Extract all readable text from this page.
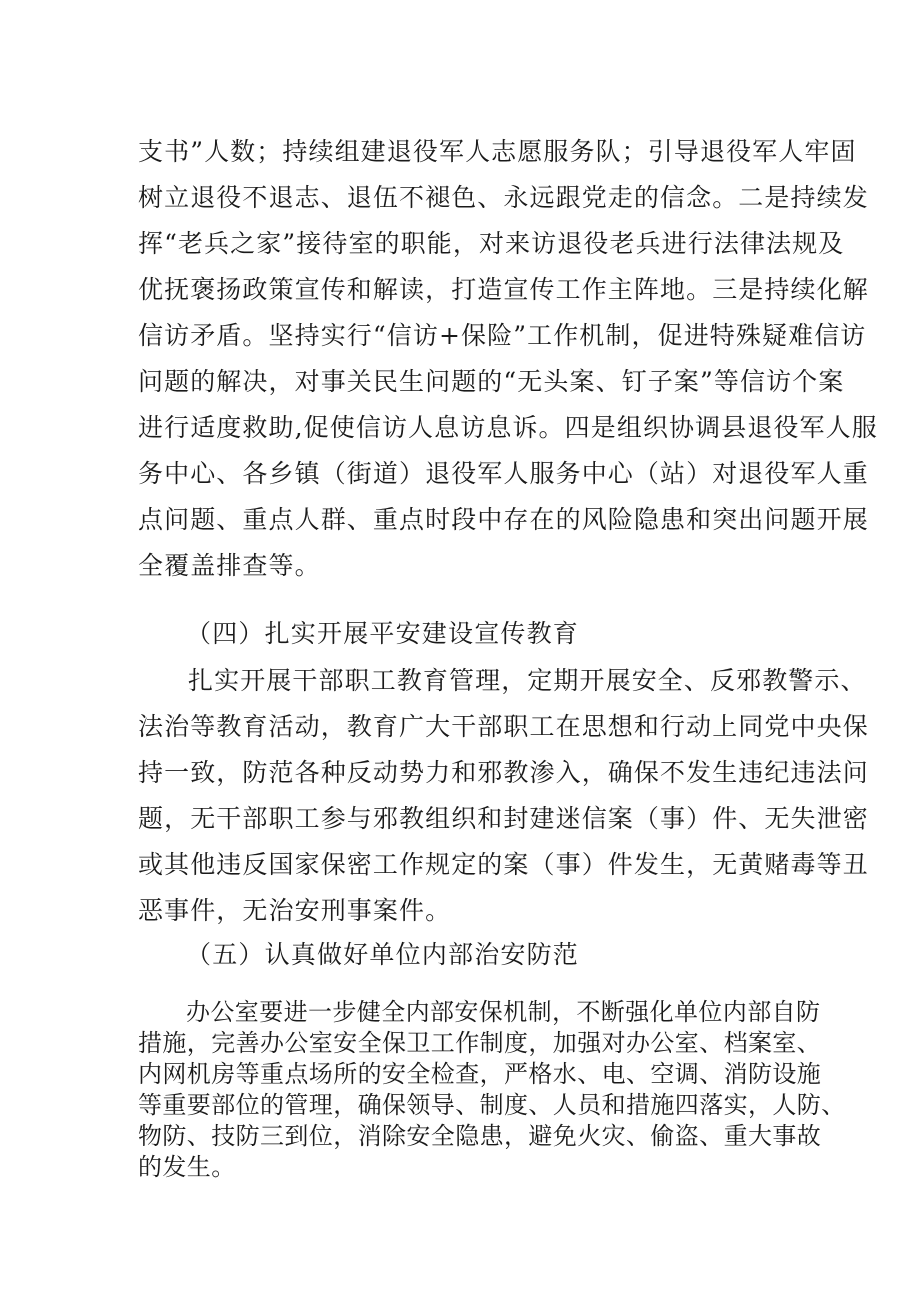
支书”人数；持续组建退役军人志愿服务队；引导退役军人牢固
树立退役不退志、退伍不褪色、永远跟党走的信念。二是持续发
挥“老兵之家”接待室的职能，对来访退役老兵进行法律法规及
优抚褒扬政策宣传和解读，打造宣传工作主阵地。三是持续化解
信访矛盾。坚持实行“信访+保险”工作机制，促进特殊疑难信访
问题的解决，对事关民生问题的“无头案、钉子案”等信访个案
进行适度救助,促使信访人息访息诉。四是组织协调县退役军人服
务中心、各乡镇（街道）退役军人服务中心（站）对退役军人重
点问题、重点人群、重点时段中存在的风险隐患和突出问题开展
全覆盖排查等。
（四）扎实开展平安建设宣传教育
扎实开展干部职工教育管理，定期开展安全、反邪教警示、
法治等教育活动，教育广大干部职工在思想和行动上同党中央保
持一致，防范各种反动势力和邪教渗入，确保不发生违纪违法问
题，无干部职工参与邪教组织和封建迷信案（事）件、无失泄密
或其他违反国家保密工作规定的案（事）件发生，无黄赌毒等丑
恶事件，无治安刑事案件。
（五）认真做好单位内部治安防范
办公室要进一步健全内部安保机制，不断强化单位内部自防
措施，完善办公室安全保卫工作制度，加强对办公室、档案室、
内网机房等重点场所的安全检查，严格水、电、空调、消防设施
等重要部位的管理，确保领导、制度、人员和措施四落实，人防、
物防、技防三到位，消除安全隐患，避免火灾、偷盗、重大事故
的发生。
